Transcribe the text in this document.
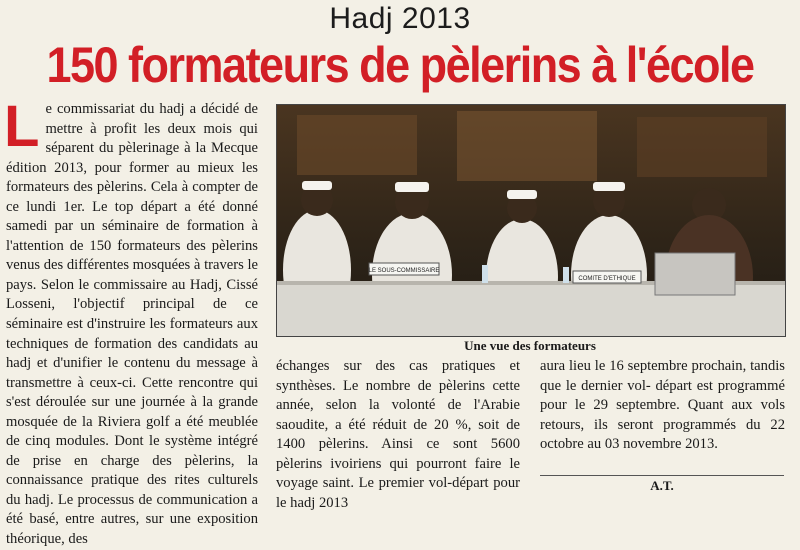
Hadj 2013
150 formateurs de pèlerins à l'école
Le commissariat du hadj a décidé de mettre à profit les deux mois qui séparent du pèlerinage à la Mecque édition 2013, pour former au mieux les formateurs des pèlerins. Cela à compter de ce lundi 1er. Le top départ a été donné samedi par un séminaire de formation à l'attention de 150 formateurs des pèlerins venus des différentes mosquées à travers le pays. Selon le commissaire au Hadj, Cissé Losseni, l'objectif principal de ce séminaire est d'instruire les formateurs aux techniques de formation des candidats au hadj et d'unifier le contenu du message à transmettre à ceux-ci. Cette rencontre qui s'est déroulée sur une journée à la grande mosquée de la Riviera golf a été meublée de cinq modules. Dont le système intégré de prise en charge des pèlerins, la connaissance pratique des rites culturels du hadj. Le processus de communication a été basé, entre autres, sur une exposition théorique, des
LE SOUS-COMMISSAIRE
COMITE D'ETHIQUE
Une vue des formateurs
échanges sur des cas pratiques et synthèses. Le nombre de pèlerins cette année, selon la volonté de l'Arabie saoudite, a été réduit de 20 %, soit de 1400 pèlerins. Ainsi ce sont 5600 pèlerins ivoiriens qui pourront faire le voyage saint. Le premier vol-départ pour le hadj 2013
aura lieu le 16 septembre prochain, tandis que le dernier vol- départ est programmé pour le 29 septembre. Quant aux vols retours, ils seront programmés du 22 octobre au 03 novembre 2013.
A.T.
